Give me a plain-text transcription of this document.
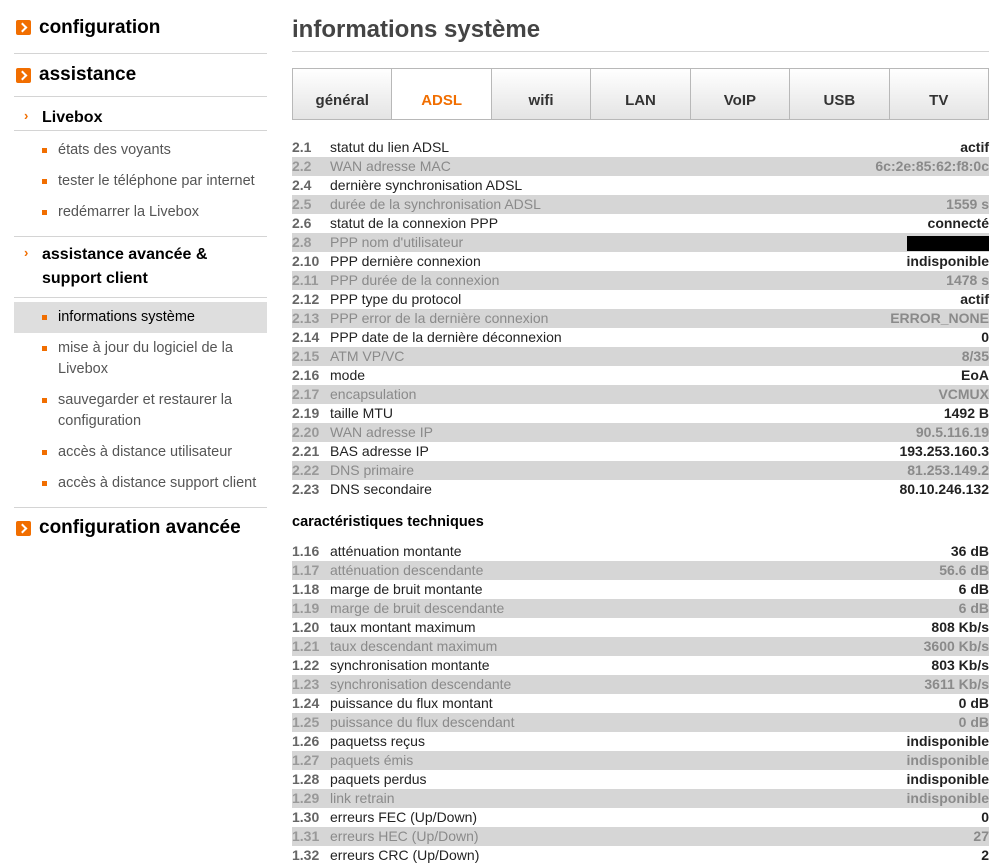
configuration
assistance
› Livebox
états des voyants
tester le téléphone par internet
redémarrer la Livebox
› assistance avancée & support client
informations système
mise à jour du logiciel de la Livebox
sauvegarder et restaurer la configuration
accès à distance utilisateur
accès à distance support client
configuration avancée
informations système
général	ADSL	wifi	LAN	VoIP	USB	TV
2.1	statut du lien ADSL	actif
2.2	WAN adresse MAC	6c:2e:85:62:f8:0c
2.4	dernière synchronisation ADSL	
2.5	durée de la synchronisation ADSL	1559 s
2.6	statut de la connexion PPP	connecté
2.8	PPP nom d'utilisateur	
2.10	PPP dernière connexion	indisponible
2.11	PPP durée de la connexion	1478 s
2.12	PPP type du protocol	actif
2.13	PPP error de la dernière connexion	ERROR_NONE
2.14	PPP date de la dernière déconnexion	0
2.15	ATM VP/VC	8/35
2.16	mode	EoA
2.17	encapsulation	VCMUX
2.19	taille MTU	1492 B
2.20	WAN adresse IP	90.5.116.19
2.21	BAS adresse IP	193.253.160.3
2.22	DNS primaire	81.253.149.2
2.23	DNS secondaire	80.10.246.132
caractéristiques techniques
1.16	atténuation montante	36 dB
1.17	atténuation descendante	56.6 dB
1.18	marge de bruit montante	6 dB
1.19	marge de bruit descendante	6 dB
1.20	taux montant maximum	808 Kb/s
1.21	taux descendant maximum	3600 Kb/s
1.22	synchronisation montante	803 Kb/s
1.23	synchronisation descendante	3611 Kb/s
1.24	puissance du flux montant	0 dB
1.25	puissance du flux descendant	0 dB
1.26	paquetss reçus	indisponible
1.27	paquets émis	indisponible
1.28	paquets perdus	indisponible
1.29	link retrain	indisponible
1.30	erreurs FEC (Up/Down)	0
1.31	erreurs HEC (Up/Down)	27
1.32	erreurs CRC (Up/Down)	2
